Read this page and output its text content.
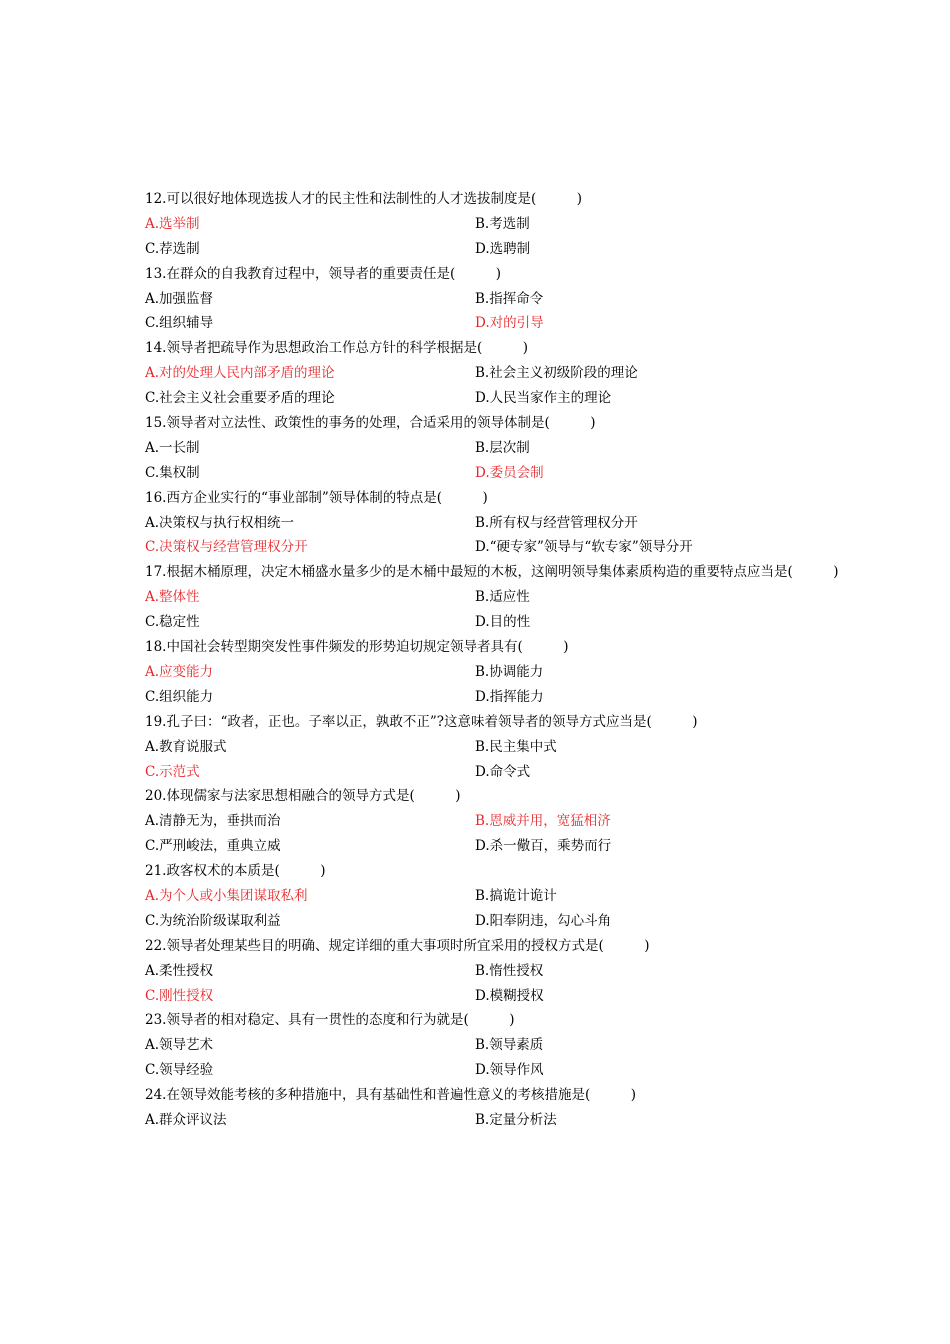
12.可以很好地体现选拔人才的民主性和法制性的人才选拔制度是(　　　)
A.选举制	B.考选制
C.荐选制	D.选聘制
13.在群众的自我教育过程中，领导者的重要责任是(　　　)
A.加强监督	B.指挥命令
C.组织辅导	D.对的引导
14.领导者把疏导作为思想政治工作总方针的科学根据是(　　　)
A.对的处理人民内部矛盾的理论	B.社会主义初级阶段的理论
C.社会主义社会重要矛盾的理论	D.人民当家作主的理论
15.领导者对立法性、政策性的事务的处理，合适采用的领导体制是(　　　)
A.一长制	B.层次制
C.集权制	D.委员会制
16.西方企业实行的“事业部制”领导体制的特点是(　　　)
A.决策权与执行权相统一	B.所有权与经营管理权分开
C.决策权与经营管理权分开	D.“硬专家”领导与“软专家”领导分开
17.根据木桶原理，决定木桶盛水量多少的是木桶中最短的木板，这阐明领导集体素质构造的重要特点应当是(　　　)
A.整体性	B.适应性
C.稳定性	D.目的性
18.中国社会转型期突发性事件频发的形势迫切规定领导者具有(　　　)
A.应变能力	B.协调能力
C.组织能力	D.指挥能力
19.孔子曰：“政者，正也。子率以正，孰敢不正”?这意味着领导者的领导方式应当是(　　　)
A.教育说服式	B.民主集中式
C.示范式	D.命令式
20.体现儒家与法家思想相融合的领导方式是(　　　)
A.清静无为，垂拱而治	B.恩威并用，宽猛相济
C.严刑峻法，重典立威	D.杀一儆百，乘势而行
21.政客权术的本质是(　　　)
A.为个人或小集团谋取私利	B.搞诡计诡计
C.为统治阶级谋取利益	D.阳奉阴违，勾心斗角
22.领导者处理某些目的明确、规定详细的重大事项时所宜采用的授权方式是(　　　)
A.柔性授权	B.惰性授权
C.刚性授权	D.模糊授权
23.领导者的相对稳定、具有一贯性的态度和行为就是(　　　)
A.领导艺术	B.领导素质
C.领导经验	D.领导作风
24.在领导效能考核的多种措施中，具有基础性和普遍性意义的考核措施是(　　　)
A.群众评议法	B.定量分析法
